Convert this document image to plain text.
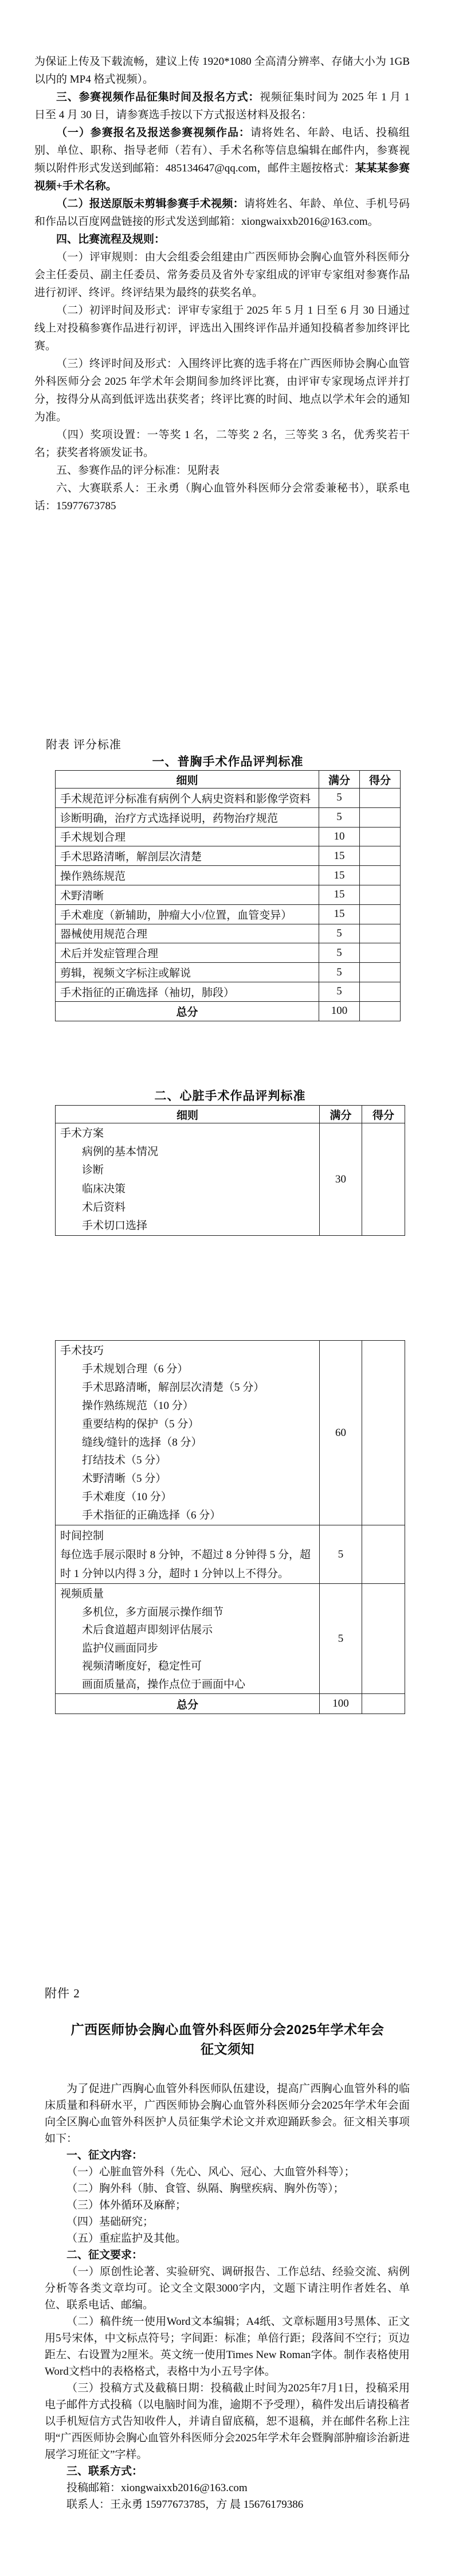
为保证上传及下载流畅，建议上传 1920*1080 全高清分辨率、存储大小为 1GB 以内的 MP4 格式视频）。

三、参赛视频作品征集时间及报名方式：视频征集时间为 2025 年 1 月 1 日至 4 月 30 日，请参赛选手按以下方式报送材料及报名：

（一）参赛报名及报送参赛视频作品：请将姓名、年龄、电话、投稿组别、单位、职称、指导老师（若有）、手术名称等信息编辑在邮件内，参赛视频以附件形式发送到邮箱：485134647@qq.com，邮件主题按格式：某某某参赛视频+手术名称。

（二）报送原版未剪辑参赛手术视频：请将姓名、年龄、单位、手机号码和作品以百度网盘链接的形式发送到邮箱：xiongwaixxb2016@163.com。

四、比赛流程及规则：

（一）评审规则：由大会组委会组建由广西医师协会胸心血管外科医师分会主任委员、副主任委员、常务委员及省外专家组成的评审专家组对参赛作品进行初评、终评。终评结果为最终的获奖名单。

（二）初评时间及形式：评审专家组于 2025 年 5 月 1 日至 6 月 30 日通过线上对投稿参赛作品进行初评，评选出入围终评作品并通知投稿者参加终评比赛。

（三）终评时间及形式：入围终评比赛的选手将在广西医师协会胸心血管外科医师分会 2025 年学术年会期间参加终评比赛，由评审专家现场点评并打分，按得分从高到低评选出获奖者；终评比赛的时间、地点以学术年会的通知为准。

（四）奖项设置：一等奖 1 名，二等奖 2 名，三等奖 3 名，优秀奖若干名；获奖者将颁发证书。

五、参赛作品的评分标准：见附表

六、大赛联系人：王永勇（胸心血管外科医师分会常委兼秘书），联系电话：15977673785

附表 评分标准
一、普胸手术作品评判标准
细则	满分	得分
手术规范评分标准有病例个人病史资料和影像学资料	5	
诊断明确，治疗方式选择说明，药物治疗规范	5	
手术规划合理	10	
手术思路清晰，解剖层次清楚	15	
操作熟练规范	15	
术野清晰	15	
手术难度（新辅助，肿瘤大小/位置，血管变异）	15	
器械使用规范合理	5	
术后并发症管理合理	5	
剪辑，视频文字标注或解说	5	
手术指征的正确选择（袖切，肺段）	5	
总分	100	
二、心脏手术作品评判标准
细则	满分	得分

手术方案
病例的基本情况
诊断
临床决策
术后资料
手术切口选择
	30	
手术技巧
手术规划合理（6 分）
手术思路清晰，解剖层次清楚（5 分）
操作熟练规范（10 分）
重要结构的保护（5 分）
缝线/缝针的选择（8 分）
打结技术（5 分）
术野清晰（5 分）
手术难度（10 分）
手术指征的正确选择（6 分）
	60	

时间控制
每位选手展示限时 8 分钟，不超过 8 分钟得 5 分，超时 1 分钟以内得 3 分，超时 1 分钟以上不得分。	5	

视频质量
多机位，多方面展示操作细节
术后食道超声即刻评估展示
监护仪画面同步
视频清晰度好，稳定性可
画面质量高，操作点位于画面中心
	5	
总分	100	
附件 2
广西医师协会胸心血管外科医师分会2025年学术年会
征文须知

为了促进广西胸心血管外科医师队伍建设，提高广西胸心血管外科的临床质量和科研水平，广西医师协会胸心血管外科医师分会2025年学术年会面向全区胸心血管外科医护人员征集学术论文并欢迎踊跃参会。征文相关事项如下：

一、征文内容：

（一）心脏血管外科（先心、风心、冠心、大血管外科等）；

（二）胸外科（肺、食管、纵隔、胸壁疾病、胸外伤等）；

（三）体外循环及麻醉；

（四）基础研究；

（五）重症监护及其他。

二、征文要求：

（一）原创性论著、实验研究、调研报告、工作总结、经验交流、病例分析等各类文章均可。论文全文限3000字内，文题下请注明作者姓名、单位、联系电话、邮编。

（二）稿件统一使用Word文本编辑；A4纸、文章标题用3号黑体、正文用5号宋体，中文标点符号；字间距：标准；单倍行距；段落间不空行；页边距左、右设置为2厘米。英文统一使用Times New Roman字体。制作表格使用Word文档中的表格格式，表格中为小五号字体。

（三）投稿方式及截稿日期：投稿截止时间为2025年7月1日，投稿采用电子邮件方式投稿（以电脑时间为准，逾期不予受理），稿件发出后请投稿者以手机短信方式告知收件人，并请自留底稿，恕不退稿，并在邮件名称上注明“广西医师协会胸心血管外科医师分会2025年学术年会暨胸部肿瘤诊治新进展学习班征文”字样。

三、联系方式：

投稿邮箱：xiongwaixxb2016@163.com

联系人：王永勇 15977673785，方 晨 15676179386
